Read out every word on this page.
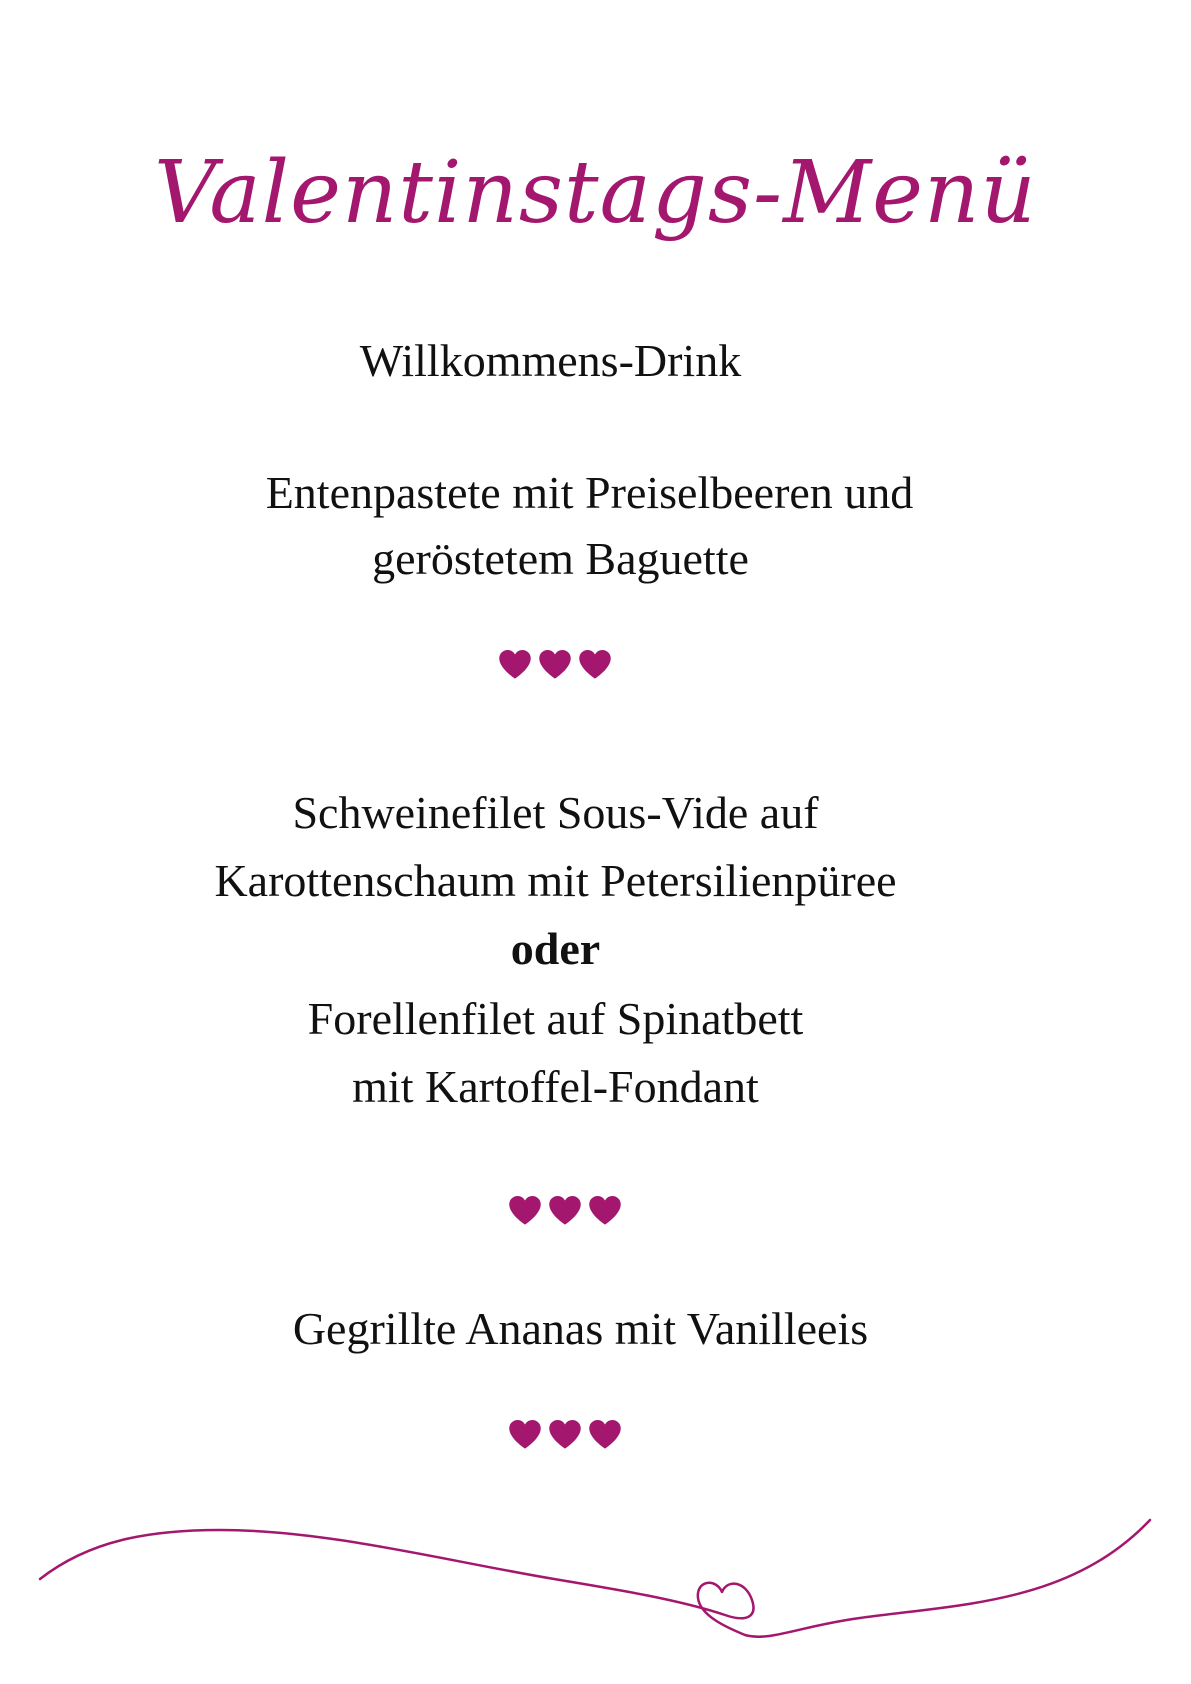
Valentinstags-Menü
Willkommens-Drink
Entenpastete mit Preiselbeeren und
geröstetem Baguette

Schweinefilet Sous-Vide auf
Karottenschaum mit Petersilienpüree
oder
Forellenfilet auf Spinatbett
mit Kartoffel-Fondant

Gegrillte Ananas mit Vanilleeis
